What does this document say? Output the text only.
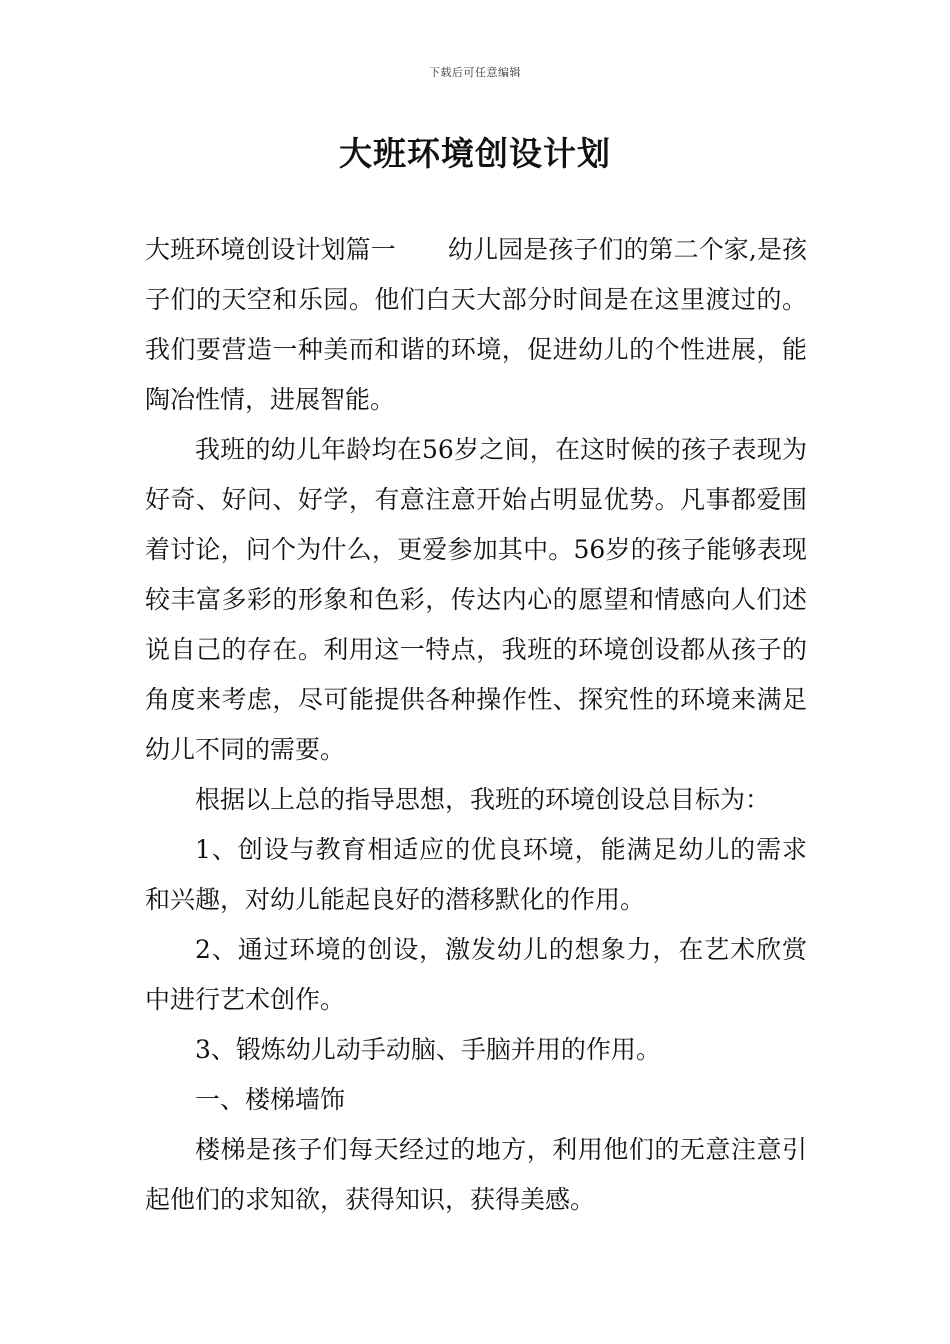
下载后可任意编辑
大班环境创设计划

大班环境创设计划篇一 幼儿园是孩子们的第二个家,是孩子们的天空和乐园。他们白天大部分时间是在这里渡过的。我们要营造一种美而和谐的环境，促进幼儿的个性进展，能陶冶性情，进展智能。

我班的幼儿年龄均在56岁之间，在这时候的孩子表现为好奇、好问、好学，有意注意开始占明显优势。凡事都爱围着讨论，问个为什么，更爱参加其中。56岁的孩子能够表现较丰富多彩的形象和色彩，传达内心的愿望和情感向人们述说自己的存在。利用这一特点，我班的环境创设都从孩子的角度来考虑，尽可能提供各种操作性、探究性的环境来满足幼儿不同的需要。

根据以上总的指导思想，我班的环境创设总目标为：

1、创设与教育相适应的优良环境，能满足幼儿的需求和兴趣，对幼儿能起良好的潜移默化的作用。

2、通过环境的创设，激发幼儿的想象力，在艺术欣赏中进行艺术创作。

3、锻炼幼儿动手动脑、手脑并用的作用。

一、楼梯墙饰

楼梯是孩子们每天经过的地方，利用他们的无意注意引起他们的求知欲，获得知识，获得美感。
